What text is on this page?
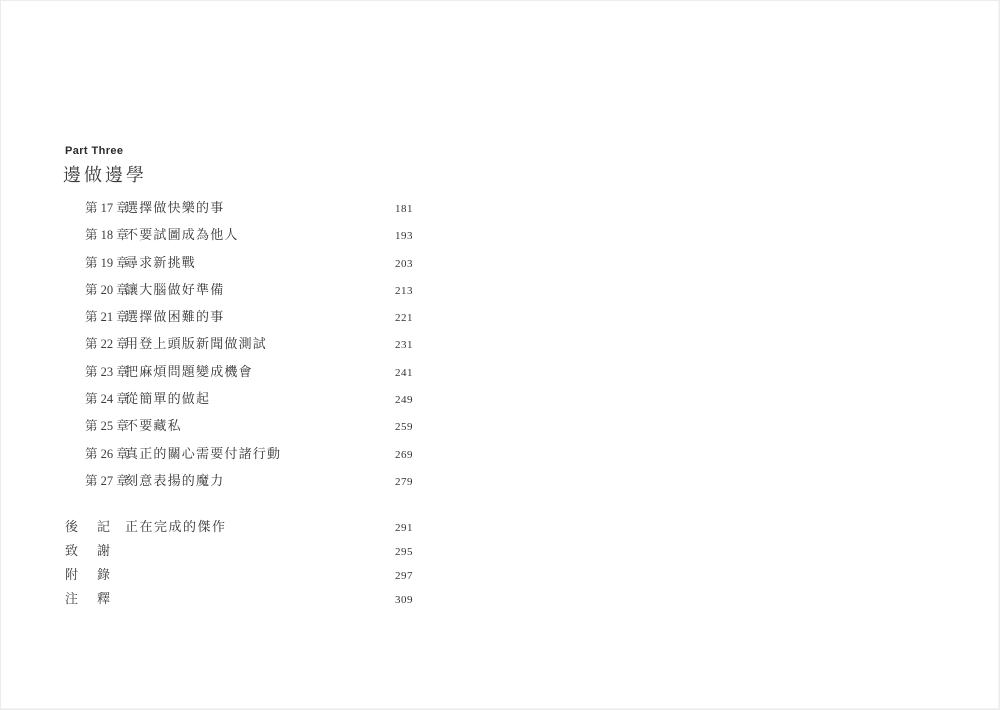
Part Three
邊做邊學
第 17 章選擇做快樂的事	181
第 18 章不要試圖成為他人	193
第 19 章尋求新挑戰	203
第 20 章讓大腦做好準備	213
第 21 章選擇做困難的事	221
第 22 章用登上頭版新聞做測試	231
第 23 章把麻煩問題變成機會	241
第 24 章從簡單的做起	249
第 25 章不要藏私	259
第 26 章真正的關心需要付諸行動	269
第 27 章刻意表揚的魔力	279
後　記 正在完成的傑作	291
致　謝	295
附　錄	297
注　釋	309
